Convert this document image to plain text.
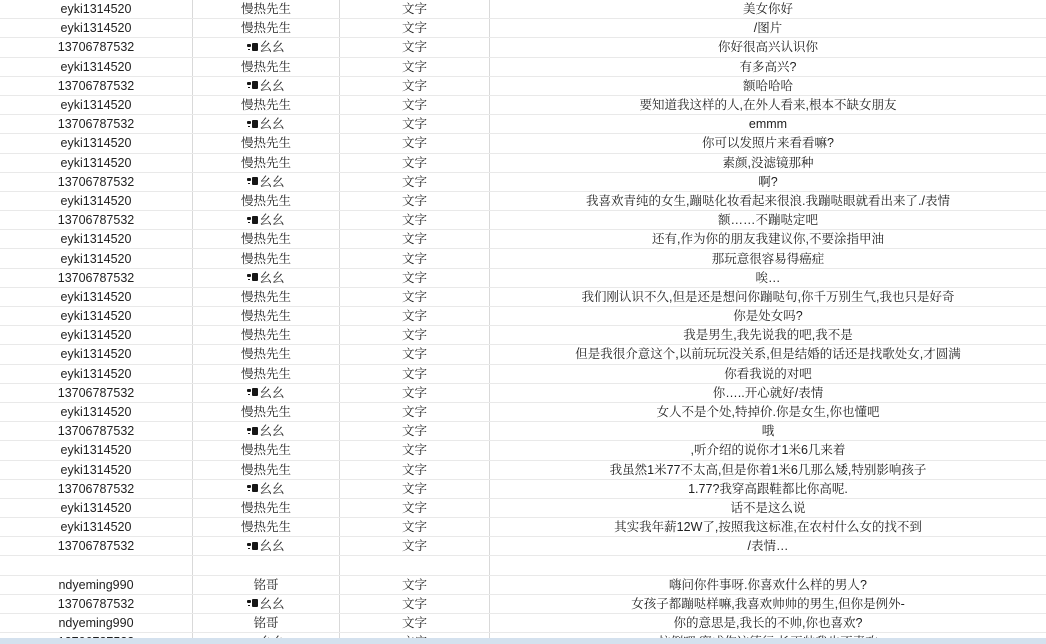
eyki1314520	慢热先生	文字	美女你好
eyki1314520	慢热先生	文字	/图片
13706787532	幺幺	文字	你好很高兴认识你
eyki1314520	慢热先生	文字	有多高兴?
13706787532	幺幺	文字	额哈哈哈
eyki1314520	慢热先生	文字	要知道我这样的人,在外人看来,根本不缺女朋友
13706787532	幺幺	文字	emmm
eyki1314520	慢热先生	文字	你可以发照片来看看嘛?
eyki1314520	慢热先生	文字	素颜,没滤镜那种
13706787532	幺幺	文字	啊?
eyki1314520	慢热先生	文字	我喜欢青纯的女生,蹦哒化妆看起来很浪.我蹦哒眼就看出来了./表情
13706787532	幺幺	文字	额……不蹦哒定吧
eyki1314520	慢热先生	文字	还有,作为你的朋友我建议你,不要涂指甲油
eyki1314520	慢热先生	文字	那玩意很容易得癌症
13706787532	幺幺	文字	唉…
eyki1314520	慢热先生	文字	我们刚认识不久,但是还是想问你蹦哒句,你千万别生气,我也只是好奇
eyki1314520	慢热先生	文字	你是处女吗?
eyki1314520	慢热先生	文字	我是男生,我先说我的吧,我不是
eyki1314520	慢热先生	文字	但是我很介意这个,以前玩玩没关系,但是结婚的话还是找歌处女,才圆满
eyki1314520	慢热先生	文字	你看我说的对吧
13706787532	幺幺	文字	你…..开心就好/表情
eyki1314520	慢热先生	文字	女人不是个处,特掉价.你是女生,你也懂吧
13706787532	幺幺	文字	哦
eyki1314520	慢热先生	文字	,听介绍的说你才1米6几来着
eyki1314520	慢热先生	文字	我虽然1米77不太高,但是你着1米6几那么矮,特别影响孩子
13706787532	幺幺	文字	1.77?我穿高跟鞋都比你高呢.
eyki1314520	慢热先生	文字	话不是这么说
eyki1314520	慢热先生	文字	其实我年薪12W了,按照我这标准,在农村什么女的找不到
13706787532	幺幺	文字	/表情…
ndyeming990	铭哥	文字	嗨问你件事呀.你喜欢什么样的男人?
13706787532	幺幺	文字	女孩子都蹦哒样嘛,我喜欢帅帅的男生,但你是例外-
ndyeming990	铭哥	文字	你的意思是,我长的不帅,你也喜欢?
